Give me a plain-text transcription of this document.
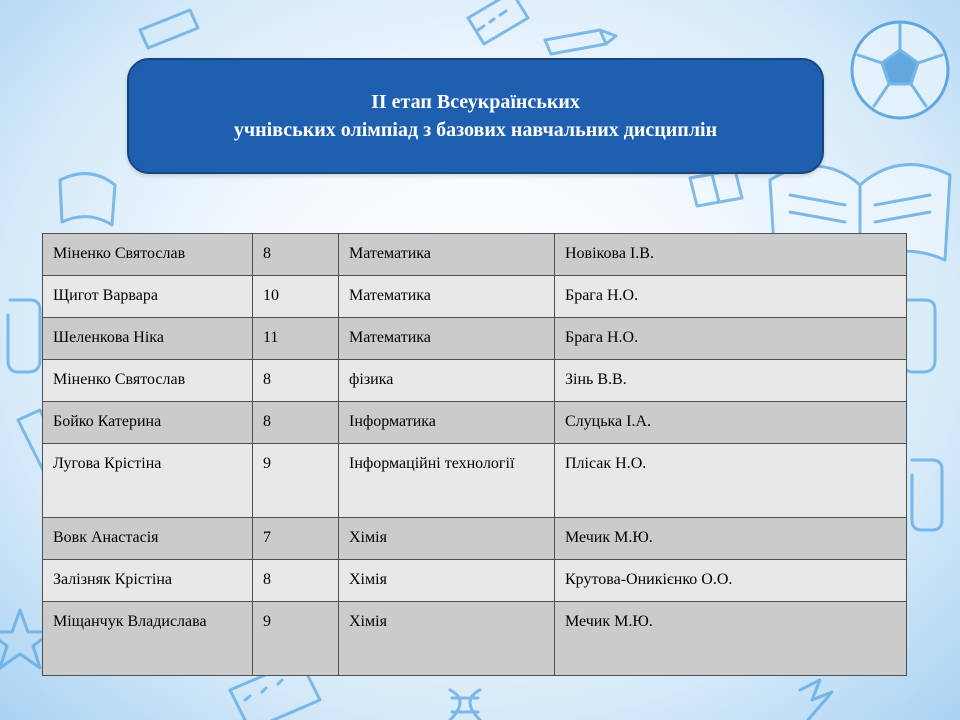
ІІ етап Всеукраїнських
учнівських олімпіад з базових навчальних дисциплін
Міненко Святослав	8	Математика	Новікова І.В.
Щигот Варвара	10	Математика	Брага Н.О.
Шеленкова Ніка	11	Математика	Брага Н.О.
Міненко Святослав	8	фізика	Зінь В.В.
Бойко Катерина	8	Інформатика	Слуцька І.А.
Лугова Крістіна	9	Інформаційні технології	Плісак Н.О.
Вовк Анастасія	7	Хімія	Мечик М.Ю.
Залізняк Крістіна	8	Хімія	Крутова-Оникієнко О.О.
Міщанчук Владислава	9	Хімія	Мечик М.Ю.
